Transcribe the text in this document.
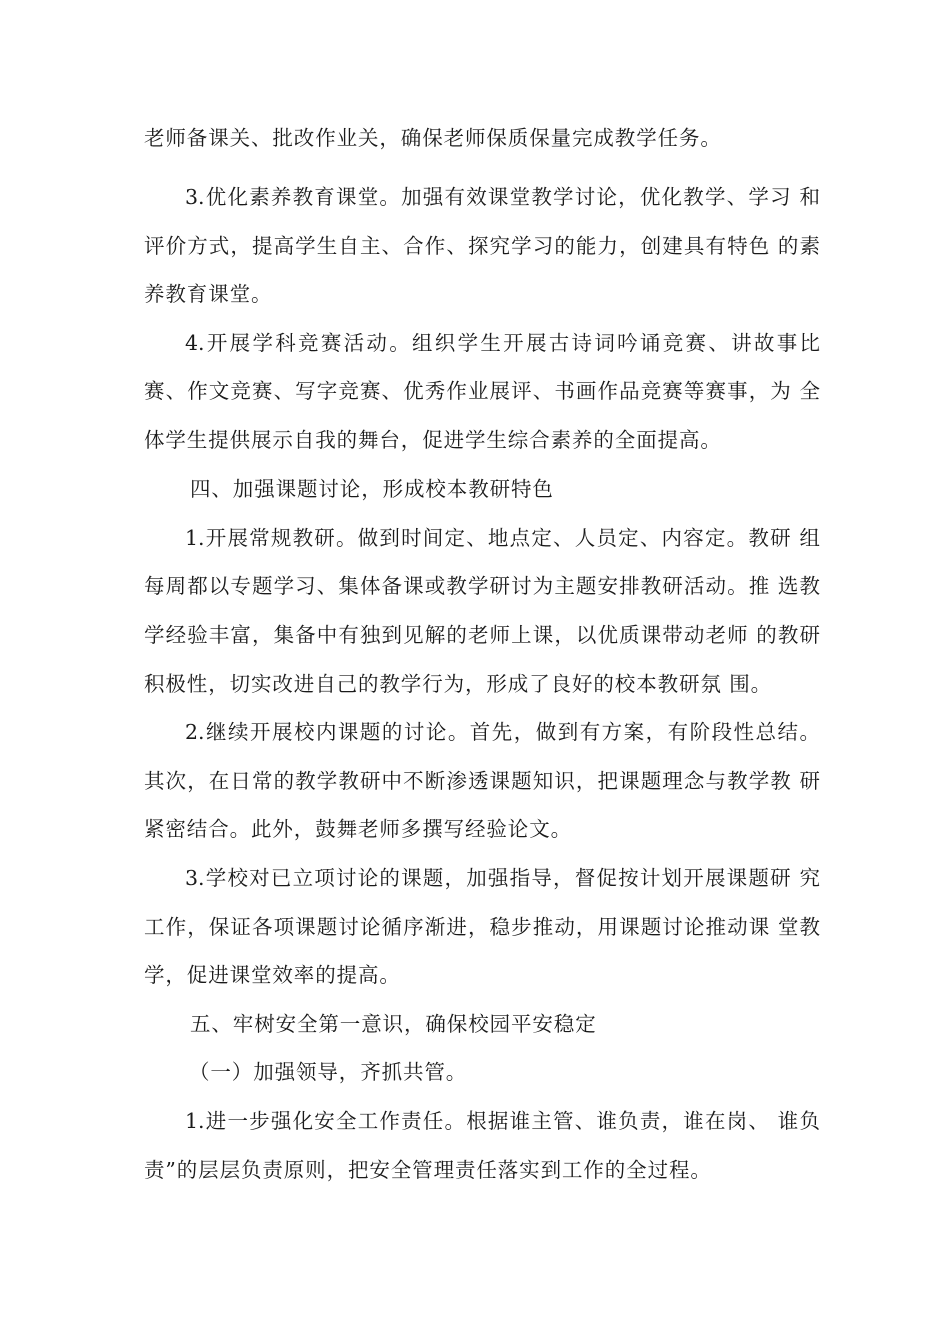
老师备课关、批改作业关，确保老师保质保量完成教学任务。
3.优化素养教育课堂。加强有效课堂教学讨论，优化教学、学习 和
评价方式，提高学生自主、合作、探究学习的能力，创建具有特色 的素
养教育课堂。
4.开展学科竞赛活动。组织学生开展古诗词吟诵竞赛、讲故事比
赛、作文竞赛、写字竞赛、优秀作业展评、书画作品竞赛等赛事，为 全
体学生提供展示自我的舞台，促进学生综合素养的全面提高。
四、加强课题讨论，形成校本教研特色
1.开展常规教研。做到时间定、地点定、人员定、内容定。教研 组
每周都以专题学习、集体备课或教学研讨为主题安排教研活动。推 选教
学经验丰富，集备中有独到见解的老师上课，以优质课带动老师 的教研
积极性，切实改进自己的教学行为，形成了良好的校本教研氛 围。
2.继续开展校内课题的讨论。首先，做到有方案，有阶段性总结。
其次，在日常的教学教研中不断渗透课题知识，把课题理念与教学教 研
紧密结合。此外，鼓舞老师多撰写经验论文。
3.学校对已立项讨论的课题，加强指导，督促按计划开展课题研 究
工作，保证各项课题讨论循序渐进，稳步推动，用课题讨论推动课 堂教
学，促进课堂效率的提高。
五、牢树安全第一意识，确保校园平安稳定
（一）加强领导，齐抓共管。
1.进一步强化安全工作责任。根据谁主管、谁负责，谁在岗、 谁负
责”的层层负责原则，把安全管理责任落实到工作的全过程。
